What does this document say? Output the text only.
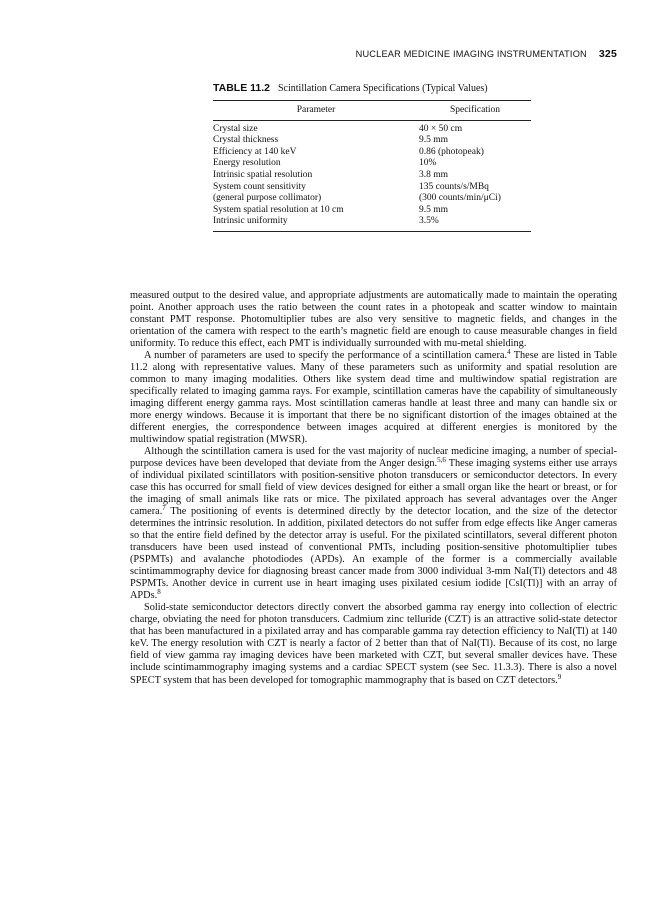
NUCLEAR MEDICINE IMAGING INSTRUMENTATION 325
TABLE 11.2 Scintillation Camera Specifications (Typical Values)
Parameter	Specification
Crystal size	40 × 50 cm
Crystal thickness	9.5 mm
Efficiency at 140 keV	0.86 (photopeak)
Energy resolution	10%
Intrinsic spatial resolution	3.8 mm
System count sensitivity	135 counts/s/MBq
(general purpose collimator)	(300 counts/min/μCi)
System spatial resolution at 10 cm	9.5 mm
Intrinsic uniformity	3.5%

measured output to the desired value, and appropriate adjustments are automatically made to maintain the operating point. Another approach uses the ratio between the count rates in a photopeak and scatter window to maintain constant PMT response. Photomultiplier tubes are also very sensitive to magnetic fields, and changes in the orientation of the camera with respect to the earth’s magnetic field are enough to cause measurable changes in field uniformity. To reduce this effect, each PMT is individually surrounded with mu-metal shielding.

A number of parameters are used to specify the performance of a scintillation camera.$^4$ These are listed in Table 11.2 along with representative values. Many of these parameters such as uniformity and spatial resolution are common to many imaging modalities. Others like system dead time and multiwindow spatial registration are specifically related to imaging gamma rays. For example, scintillation cameras have the capability of simultaneously imaging different energy gamma rays. Most scintillation cameras handle at least three and many can handle six or more energy windows. Because it is important that there be no significant distortion of the images obtained at the different energies, the correspondence between images acquired at different energies is monitored by the multiwindow spatial registration (MWSR).

Although the scintillation camera is used for the vast majority of nuclear medicine imaging, a number of special-purpose devices have been developed that deviate from the Anger design.$^{5,6}$ These imaging systems either use arrays of individual pixilated scintillators with position-sensitive photon transducers or semiconductor detectors. In every case this has occurred for small field of view devices designed for either a small organ like the heart or breast, or for the imaging of small animals like rats or mice. The pixilated approach has several advantages over the Anger camera.$^7$ The positioning of events is determined directly by the detector location, and the size of the detector determines the intrinsic resolution. In addition, pixilated detectors do not suffer from edge effects like Anger cameras so that the entire field defined by the detector array is useful. For the pixilated scintillators, several different photon transducers have been used instead of conventional PMTs, including position-sensitive photomultiplier tubes (PSPMTs) and avalanche photodiodes (APDs). An example of the former is a commercially available scintimammography device for diagnosing breast cancer made from 3000 individual 3-mm NaI(Tl) detectors and 48 PSPMTs. Another device in current use in heart imaging uses pixilated cesium iodide [CsI(Tl)] with an array of APDs.$^8$

Solid-state semiconductor detectors directly convert the absorbed gamma ray energy into collection of electric charge, obviating the need for photon transducers. Cadmium zinc telluride (CZT) is an attractive solid-state detector that has been manufactured in a pixilated array and has comparable gamma ray detection efficiency to NaI(Tl) at 140 keV. The energy resolution with CZT is nearly a factor of 2 better than that of NaI(Tl). Because of its cost, no large field of view gamma ray imaging devices have been marketed with CZT, but several smaller devices have. These include scintimammography imaging systems and a cardiac SPECT system (see Sec. 11.3.3). There is also a novel SPECT system that has been developed for tomographic mammography that is based on CZT detectors.$^9$
